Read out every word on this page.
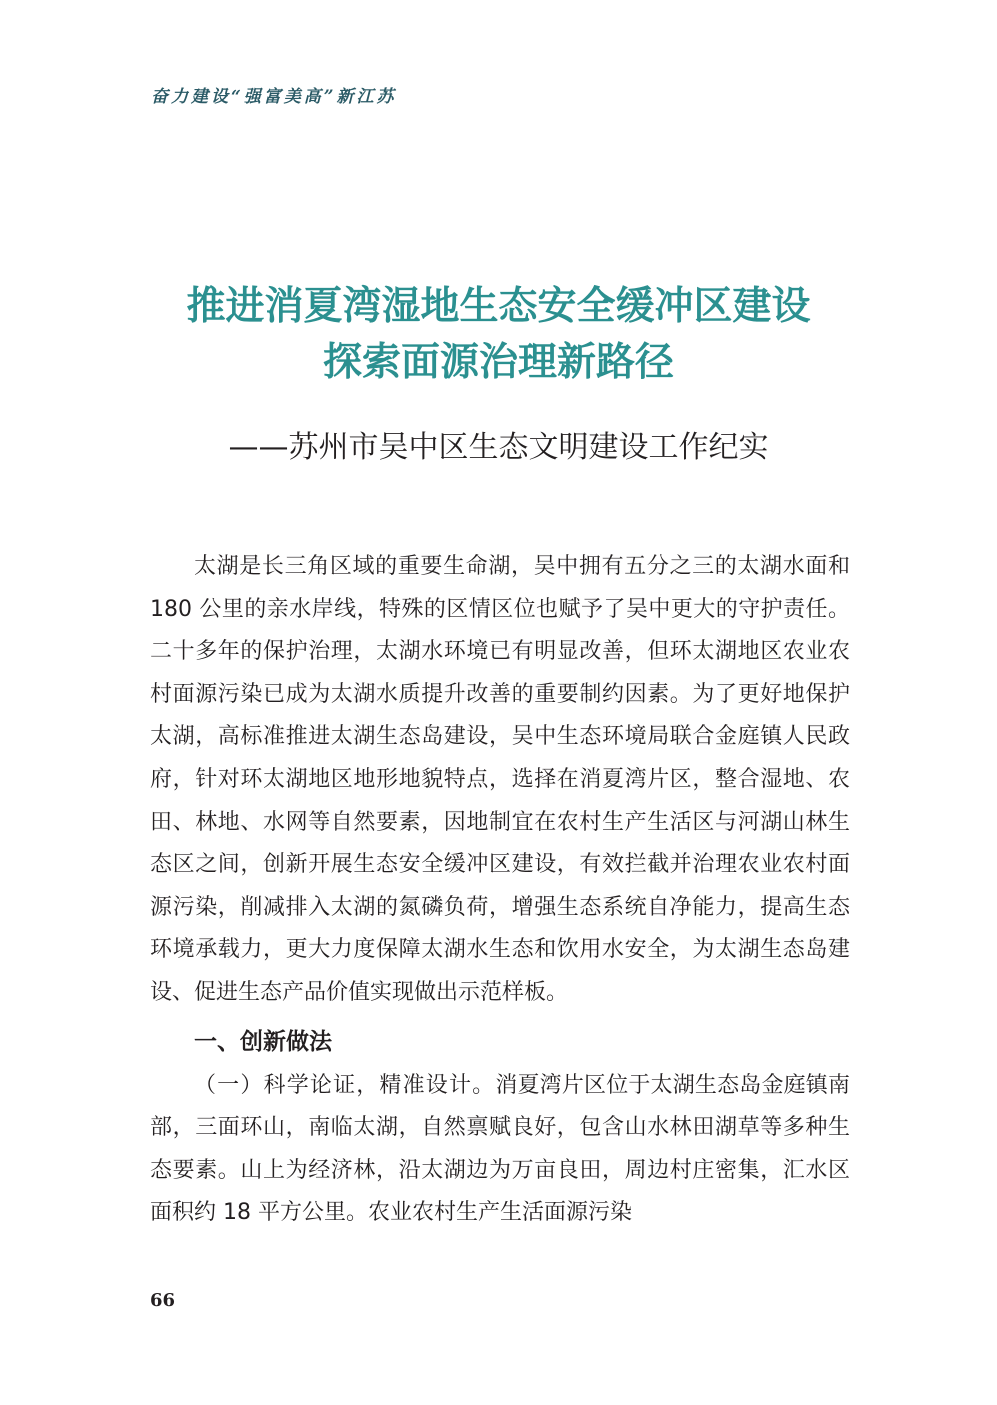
奋力建设“强富美高”新江苏
推进消夏湾湿地生态安全缓冲区建设
探索面源治理新路径
——苏州市吴中区生态文明建设工作纪实

太湖是长三角区域的重要生命湖，吴中拥有五分之三的太湖水面和 180 公里的亲水岸线，特殊的区情区位也赋予了吴中更大的守护责任。二十多年的保护治理，太湖水环境已有明显改善，但环太湖地区农业农村面源污染已成为太湖水质提升改善的重要制约因素。为了更好地保护太湖，高标准推进太湖生态岛建设，吴中生态环境局联合金庭镇人民政府，针对环太湖地区地形地貌特点，选择在消夏湾片区，整合湿地、农田、林地、水网等自然要素，因地制宜在农村生产生活区与河湖山林生态区之间，创新开展生态安全缓冲区建设，有效拦截并治理农业农村面源污染，削减排入太湖的氮磷负荷，增强生态系统自净能力，提高生态环境承载力，更大力度保障太湖水生态和饮用水安全，为太湖生态岛建设、促进生态产品价值实现做出示范样板。

一、创新做法

（一）科学论证，精准设计。消夏湾片区位于太湖生态岛金庭镇南部，三面环山，南临太湖，自然禀赋良好，包含山水林田湖草等多种生态要素。山上为经济林，沿太湖边为万亩良田，周边村庄密集，汇水区面积约 18 平方公里。农业农村生产生活面源污染

66
